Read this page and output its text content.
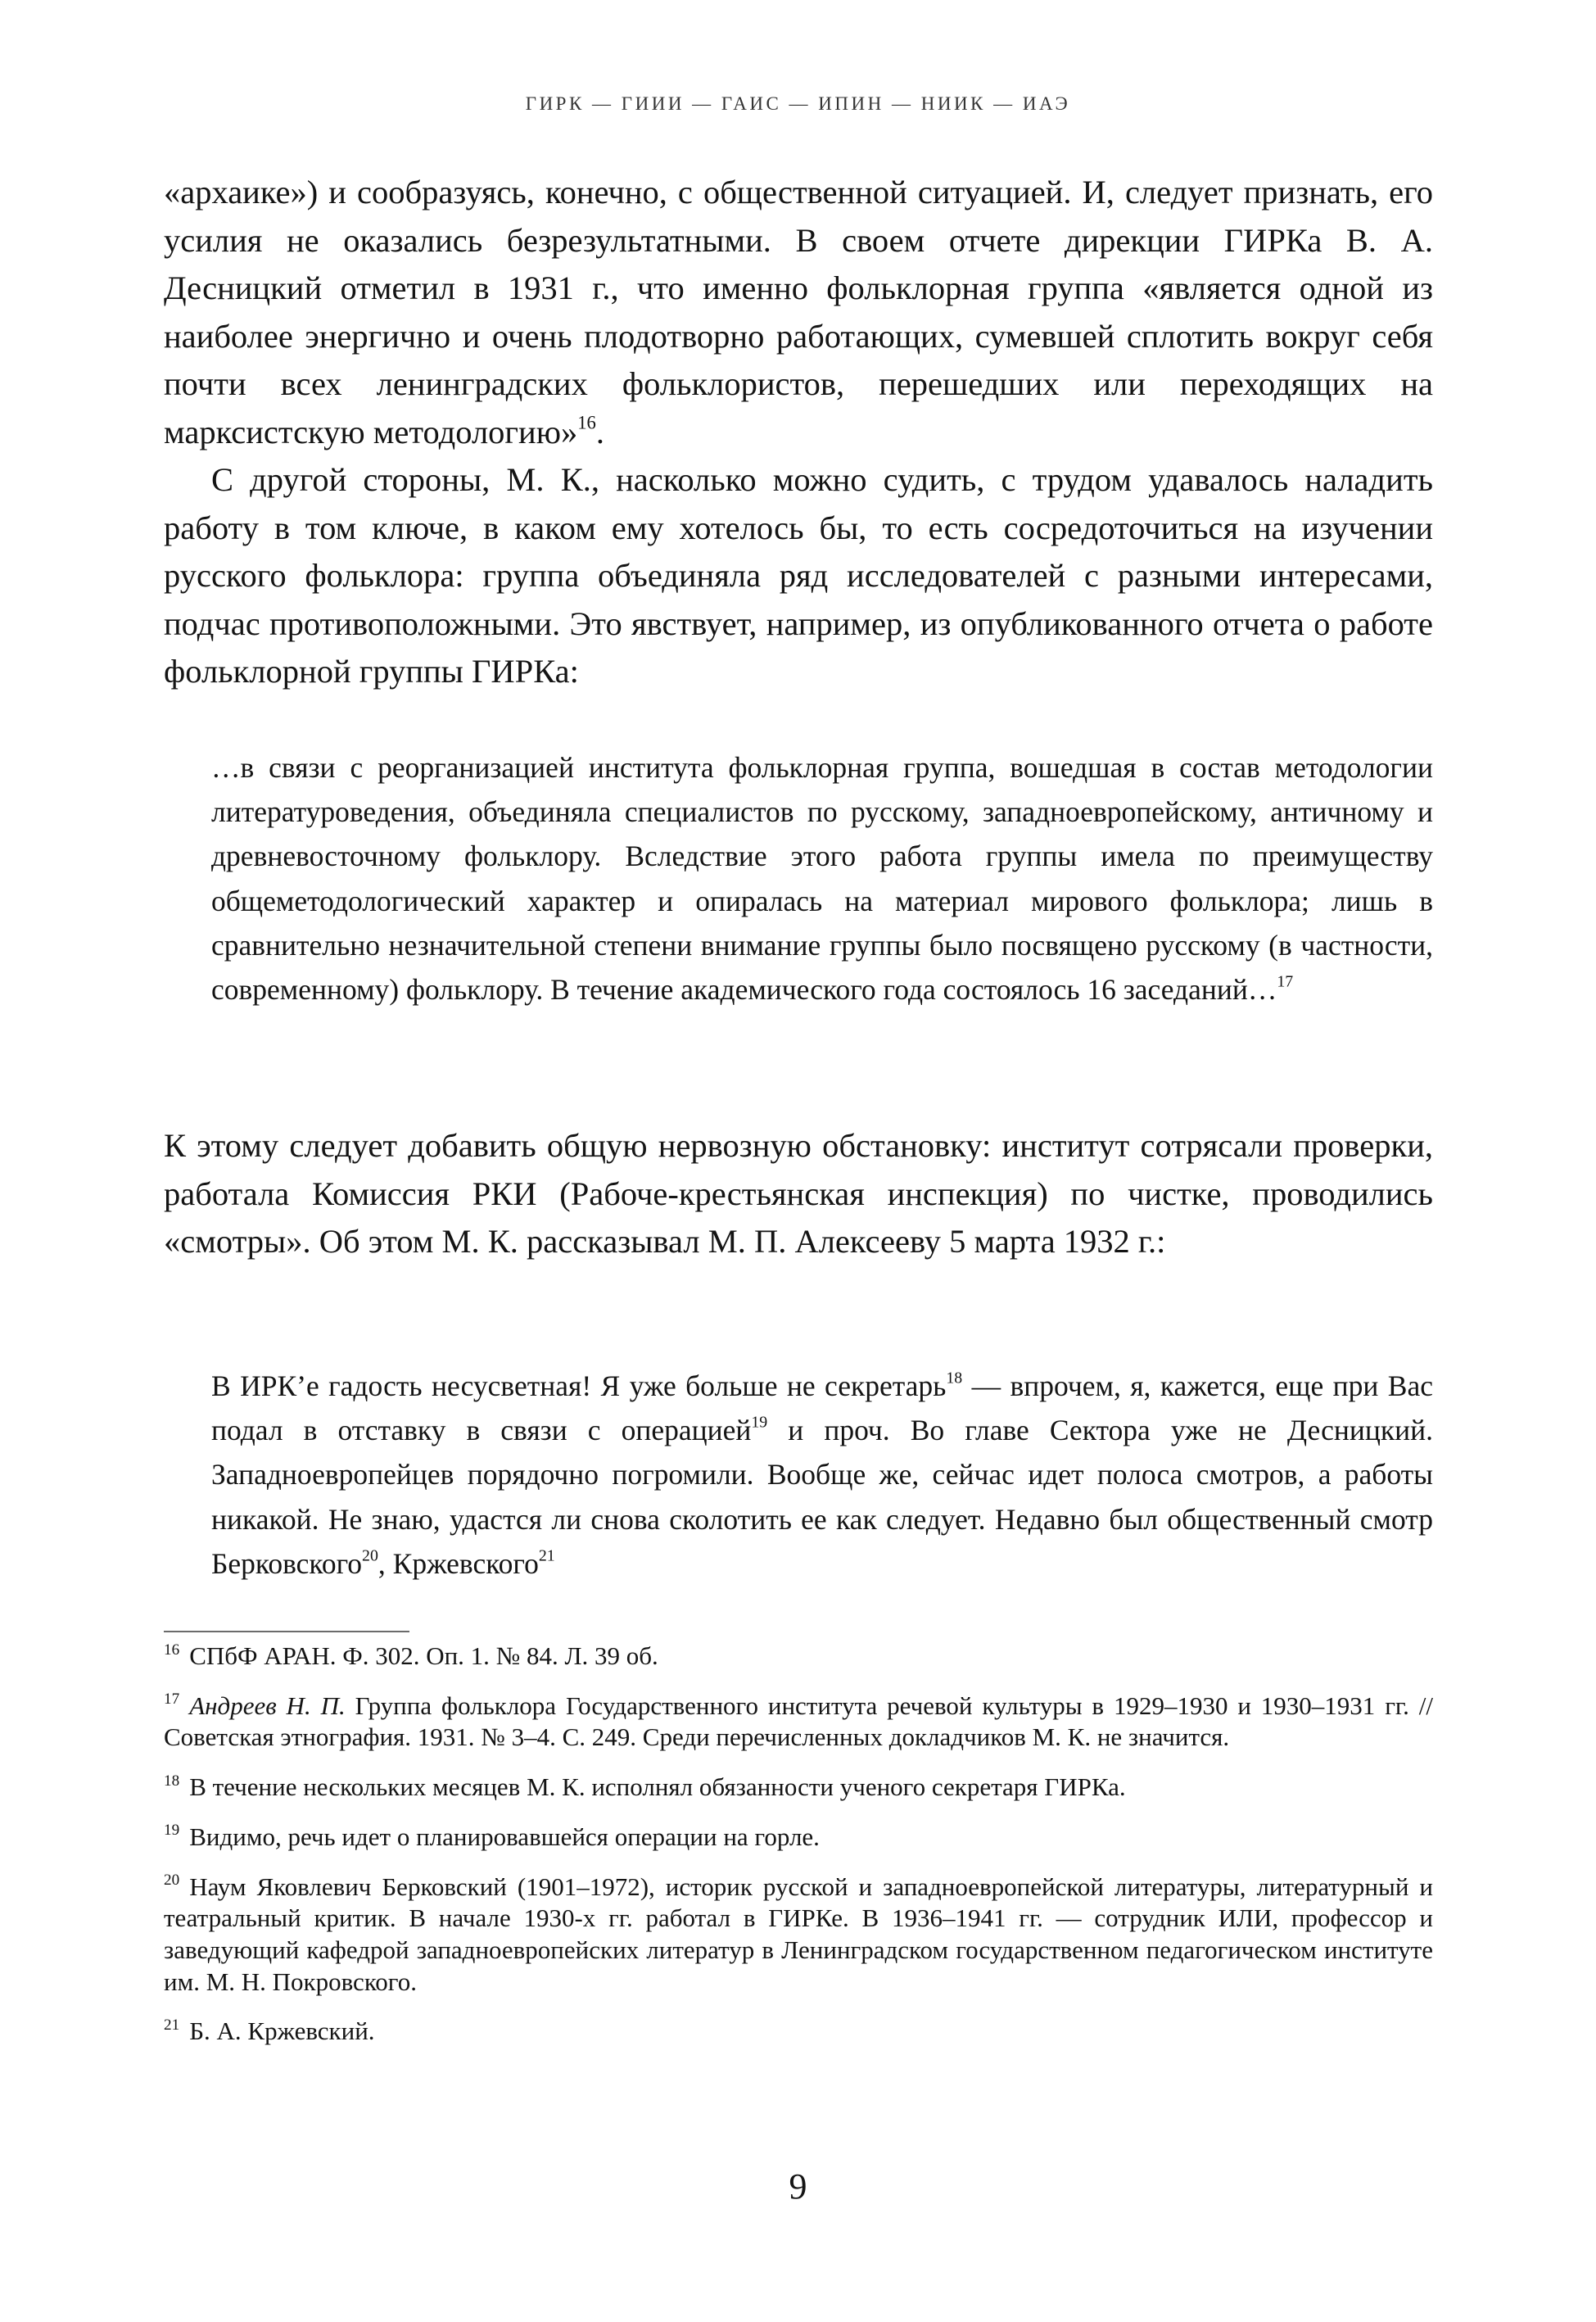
ГИРК — ГИИИ — ГАИС — ИПИН — НИИК — ИАЭ

«архаике») и сообразуясь, конечно, с общественной ситуацией. И, следует признать, его усилия не оказались безрезультатными. В своем отчете дирекции ГИРКа В. А. Десницкий отметил в 1931 г., что именно фольклорная группа «является одной из наиболее энергично и очень плодотворно работающих, сумевшей сплотить вокруг себя почти всех ленинградских фольклористов, перешедших или переходящих на марксистскую методологию»$^{16}$.

С другой стороны, М. К., насколько можно судить, с трудом удавалось наладить работу в том ключе, в каком ему хотелось бы, то есть сосредоточиться на изучении русского фольклора: группа объединяла ряд исследователей с разными интересами, подчас противоположными. Это явствует, например, из опубликованного отчета о работе фольклорной группы ГИРКа:

…в связи с реорганизацией института фольклорная группа, вошедшая в состав методологии литературоведения, объединяла специалистов по русскому, западноевропейскому, античному и древневосточному фольклору. Вследствие этого работа группы имела по преимуществу общеметодологический характер и опиралась на материал мирового фольклора; лишь в сравнительно незначительной степени внимание группы было посвящено русскому (в частности, современному) фольклору. В течение академического года состоялось 16 заседаний…$^{17}$

К этому следует добавить общую нервозную обстановку: институт сотрясали проверки, работала Комиссия РКИ (Рабоче-крестьянская инспекция) по чистке, проводились «смотры». Об этом М. К. рассказывал М. П. Алексееву 5 марта 1932 г.:

В ИРК’е гадость несусветная! Я уже больше не секретарь$^{18}$ — впрочем, я, кажется, еще при Вас подал в отставку в связи с операцией$^{19}$ и проч. Во главе Сектора уже не Десницкий. Западноевропейцев порядочно погромили. Вообще же, сейчас идет полоса смотров, а работы никакой. Не знаю, удастся ли снова сколотить ее как следует. Недавно был общественный смотр Берковского$^{20}$, Кржевского$^{21}$

$^{16}$ СПбФ АРАН. Ф. 302. Оп. 1. № 84. Л. 39 об.

$^{17}$ Андреев Н. П. Группа фольклора Государственного института речевой культуры в 1929–1930 и 1930–1931 гг. // Советская этнография. 1931. № 3–4. С. 249. Среди перечисленных докладчиков М. К. не значится.

$^{18}$ В течение нескольких месяцев М. К. исполнял обязанности ученого секретаря ГИРКа.

$^{19}$ Видимо, речь идет о планировавшейся операции на горле.

$^{20}$ Наум Яковлевич Берковский (1901–1972), историк русской и западноевропейской литературы, литературный и театральный критик. В начале 1930-х гг. работал в ГИРКе. В 1936–1941 гг. — сотрудник ИЛИ, профессор и заведующий кафедрой западноевропейских литератур в Ленинградском государственном педагогическом институте им. М. Н. Покровского.

$^{21}$ Б. А. Кржевский.

9
